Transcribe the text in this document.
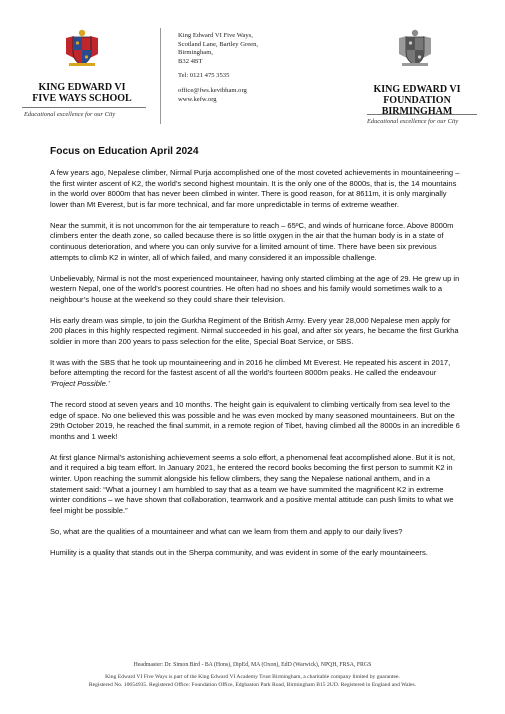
KING EDWARD VI
FIVE WAYS SCHOOL
Educational excellence for our City
King Edward VI Five Ways,
Scotland Lane, Bartley Green,
Birmingham,
B32 4BT
Tel: 0121 475 3535
office@fws.kevibham.org
www.kefw.org
KING EDWARD VI
FOUNDATION
BIRMINGHAM
Educational excellence for our City
Focus on Education April 2024

A few years ago, Nepalese climber, Nirmal Purja accomplished one of the most coveted achievements in mountaineering – the first winter ascent of K2, the world’s second highest mountain. It is the only one of the 8000s, that is, the 14 mountains in the world over 8000m that has never been climbed in winter. There is good reason, for at 8611m, it is only marginally lower than Mt Everest, but is far more technical, and far more unpredictable in terms of extreme weather.

Near the summit, it is not uncommon for the air temperature to reach – 65ºC, and winds of hurricane force. Above 8000m climbers enter the death zone, so called because there is so little oxygen in the air that the human body is in a state of continuous deterioration, and where you can only survive for a limited amount of time. There have been six previous attempts to climb K2 in winter, all of which failed, and many considered it an impossible challenge.

Unbelievably, Nirmal is not the most experienced mountaineer, having only started climbing at the age of 29. He grew up in western Nepal, one of the world’s poorest countries. He often had no shoes and his family would sometimes walk to a neighbour’s house at the weekend so they could share their television.

His early dream was simple, to join the Gurkha Regiment of the British Army. Every year 28,000 Nepalese men apply for 200 places in this highly respected regiment. Nirmal succeeded in his goal, and after six years, he became the first Gurkha soldier in more than 200 years to pass selection for the elite, Special Boat Service, or SBS.

It was with the SBS that he took up mountaineering and in 2016 he climbed Mt Everest. He repeated his ascent in 2017, before attempting the record for the fastest ascent of all the world’s fourteen 8000m peaks. He called the endeavour ‘Project Possible.’

The record stood at seven years and 10 months. The height gain is equivalent to climbing vertically from sea level to the edge of space. No one believed this was possible and he was even mocked by many seasoned mountaineers. But on the 29th October 2019, he reached the final summit, in a remote region of Tibet, having climbed all the 8000s in an incredible 6 months and 1 week!

At first glance Nirmal’s astonishing achievement seems a solo effort, a phenomenal feat accomplished alone. But it is not, and it required a big team effort. In January 2021, he entered the record books becoming the first person to summit K2 in winter. Upon reaching the summit alongside his fellow climbers, they sang the Nepalese national anthem, and in a statement said: “What a journey I am humbled to say that as a team we have summited the magnificent K2 in extreme winter conditions – we have shown that collaboration, teamwork and a positive mental attitude can push limits to what we feel might be possible.”

So, what are the qualities of a mountaineer and what can we learn from them and apply to our daily lives?

Humility is a quality that stands out in the Sherpa community, and was evident in some of the early mountaineers.

Headmaster: Dr. Simon Bird - BA (Hons), DipEd, MA (Oxon), EdD (Warwick), NPQH, FRSA, FRGS
King Edward VI Five Ways is part of the King Edward VI Academy Trust Birmingham, a charitable company limited by guarantee.
Registered No. 10654935. Registered Office: Foundation Office, Edgbaston Park Road, Birmingham B15 2UD. Registered in England and Wales.
